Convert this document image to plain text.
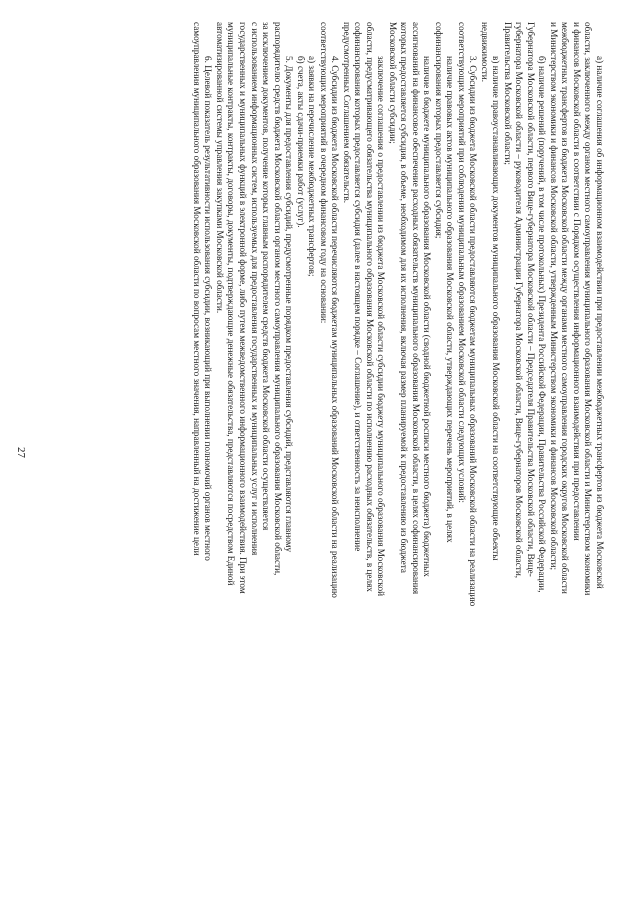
27

а) наличие соглашения об информационном взаимодействии при предоставлении межбюджетных трансфертов из бюджета Московской
области, заключенного между органом местного самоуправления муниципального образования Московской области и Министерством экономики
и финансов Московской области в соответствии с Порядком осуществления информационного взаимодействия при предоставлении
межбюджетных трансфертов из бюджета Московской области между органами местного самоуправления городских округов Московской области
и Министерством экономики и финансов Московской области, утвержденным Министерством экономики и финансов Московской области;

б) наличие решений (поручений, в том числе протокольных) Президента Российской Федерации, Правительства Российской Федерации,
Губернатора Московской области, первого Вице-губернатора Московской области – Председателя Правительства Московской области, Вице-
губернатора Московской области – руководителя Администрации Губернатора Московской области, Вице-губернаторов Московской области,
Правительства Московской области;

в) наличие правоустанавливающих документов муниципального образования Московской области на соответствующие объекты
недвижимости.

3. Субсидии из бюджета Московской области предоставляются бюджетам муниципальных образований Московской области на реализацию
соответствующих мероприятий при соблюдении муниципальным образованием Московской области следующих условий:

наличие правовых актов муниципального образования Московской области, утверждающих перечень мероприятий, в целях
софинансирования которых предоставляется субсидия;

наличие в бюджете муниципального образования Московской области (сводной бюджетной росписи местного бюджета) бюджетных
ассигнований на финансовое обеспечение расходных обязательств муниципального образования Московской области, в целях софинансирования
которых предоставляется субсидия, в объеме, необходимом для их исполнения, включая размер планируемой к предоставлению из бюджета
Московской области субсидии;

заключение соглашения о предоставлении из бюджета Московской области субсидии бюджету муниципального образования Московской
области, предусматривающего обязательства муниципального образования Московской области по исполнению расходных обязательств, в целях
софинансирования которых предоставляется субсидия (далее в настоящем порядке – Соглашение), и ответственность за неисполнение
предусмотренных Соглашением обязательств.

4. Субсидии из бюджета Московской области перечисляются бюджетам муниципальных образований Московской области на реализацию
соответствующих мероприятий в очередном финансовом году на основании:

а) заявки на перечисление межбюджетных трансфертов;

б) счета, акты сдачи-приемки работ (услуг).

5. Документы для предоставления субсидий, предусмотренные порядком предоставления субсидий, представляются главному
распорядителю средств бюджета Московской области органом местного самоуправления муниципального образования Московской области,
за исключением документов, получение которых главным распорядителем средств бюджета Московской области осуществляется
с использованием информационных систем, используемых для предоставления государственных и муниципальных услуг и исполнения
государственных и муниципальных функций в электронной форме, либо путем межведомственного информационного взаимодействия. При этом
муниципальные контракты, контракты, договоры, документы, подтверждающие денежные обязательства, представляются посредством Единой
автоматизированной системы управления закупками Московской области.

6. Целевой показатель результативности использования субсидии, возникающий при выполнении полномочий органов местного
самоуправления муниципального образования Московской области по вопросам местного значения, направленный на достижение цели
